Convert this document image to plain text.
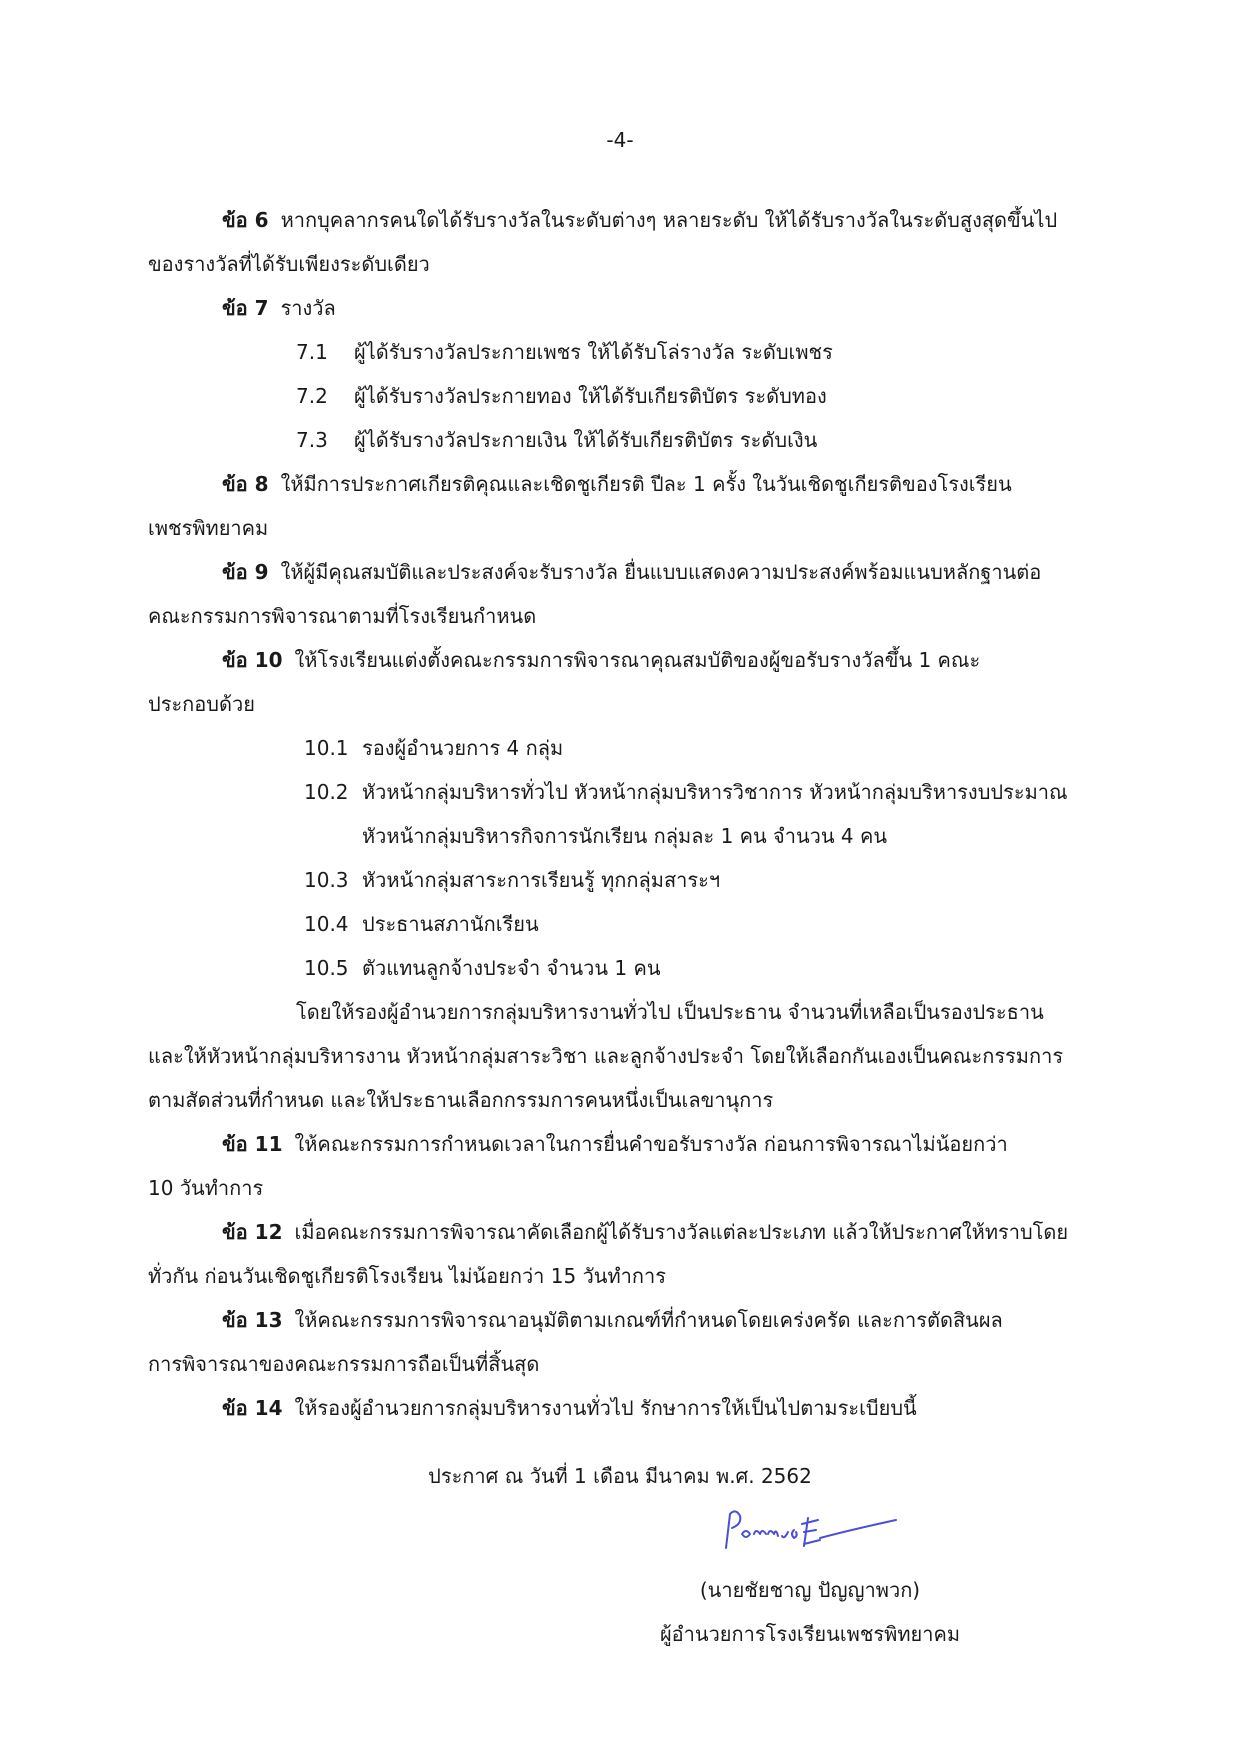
-4-
ข้อ 6 หากบุคลากรคนใดได้รับรางวัลในระดับต่างๆ หลายระดับ ให้ได้รับรางวัลในระดับสูงสุดขึ้นไป
ของรางวัลที่ได้รับเพียงระดับเดียว
ข้อ 7 รางวัล
7.1 ผู้ได้รับรางวัลประกายเพชร ให้ได้รับโล่รางวัล ระดับเพชร
7.2 ผู้ได้รับรางวัลประกายทอง ให้ได้รับเกียรติบัตร ระดับทอง
7.3 ผู้ได้รับรางวัลประกายเงิน ให้ได้รับเกียรติบัตร ระดับเงิน
ข้อ 8 ให้มีการประกาศเกียรติคุณและเชิดชูเกียรติ ปีละ 1 ครั้ง ในวันเชิดชูเกียรติของโรงเรียน
เพชรพิทยาคม
ข้อ 9 ให้ผู้มีคุณสมบัติและประสงค์จะรับรางวัล ยื่นแบบแสดงความประสงค์พร้อมแนบหลักฐานต่อ
คณะกรรมการพิจารณาตามที่โรงเรียนกำหนด
ข้อ 10 ให้โรงเรียนแต่งตั้งคณะกรรมการพิจารณาคุณสมบัติของผู้ขอรับรางวัลขึ้น 1 คณะ
ประกอบด้วย
10.1 รองผู้อำนวยการ 4 กลุ่ม
10.2 หัวหน้ากลุ่มบริหารทั่วไป หัวหน้ากลุ่มบริหารวิชาการ หัวหน้ากลุ่มบริหารงบประมาณ
หัวหน้ากลุ่มบริหารกิจการนักเรียน กลุ่มละ 1 คน จำนวน 4 คน
10.3 หัวหน้ากลุ่มสาระการเรียนรู้ ทุกกลุ่มสาระฯ
10.4 ประธานสภานักเรียน
10.5 ตัวแทนลูกจ้างประจำ จำนวน 1 คน
โดยให้รองผู้อำนวยการกลุ่มบริหารงานทั่วไป เป็นประธาน จำนวนที่เหลือเป็นรองประธาน
และให้หัวหน้ากลุ่มบริหารงาน หัวหน้ากลุ่มสาระวิชา และลูกจ้างประจำ โดยให้เลือกกันเองเป็นคณะกรรมการ
ตามสัดส่วนที่กำหนด และให้ประธานเลือกกรรมการคนหนึ่งเป็นเลขานุการ
ข้อ 11 ให้คณะกรรมการกำหนดเวลาในการยื่นคำขอรับรางวัล ก่อนการพิจารณาไม่น้อยกว่า
10 วันทำการ
ข้อ 12 เมื่อคณะกรรมการพิจารณาคัดเลือกผู้ได้รับรางวัลแต่ละประเภท แล้วให้ประกาศให้ทราบโดย
ทั่วกัน ก่อนวันเชิดชูเกียรติโรงเรียน ไม่น้อยกว่า 15 วันทำการ
ข้อ 13 ให้คณะกรรมการพิจารณาอนุมัติตามเกณฑ์ที่กำหนดโดยเคร่งครัด และการตัดสินผล
การพิจารณาของคณะกรรมการถือเป็นที่สิ้นสุด
ข้อ 14 ให้รองผู้อำนวยการกลุ่มบริหารงานทั่วไป รักษาการให้เป็นไปตามระเบียบนี้
ประกาศ ณ วันที่ 1 เดือน มีนาคม พ.ศ. 2562
(นายชัยชาญ ปัญญาพวก)
ผู้อำนวยการโรงเรียนเพชรพิทยาคม
